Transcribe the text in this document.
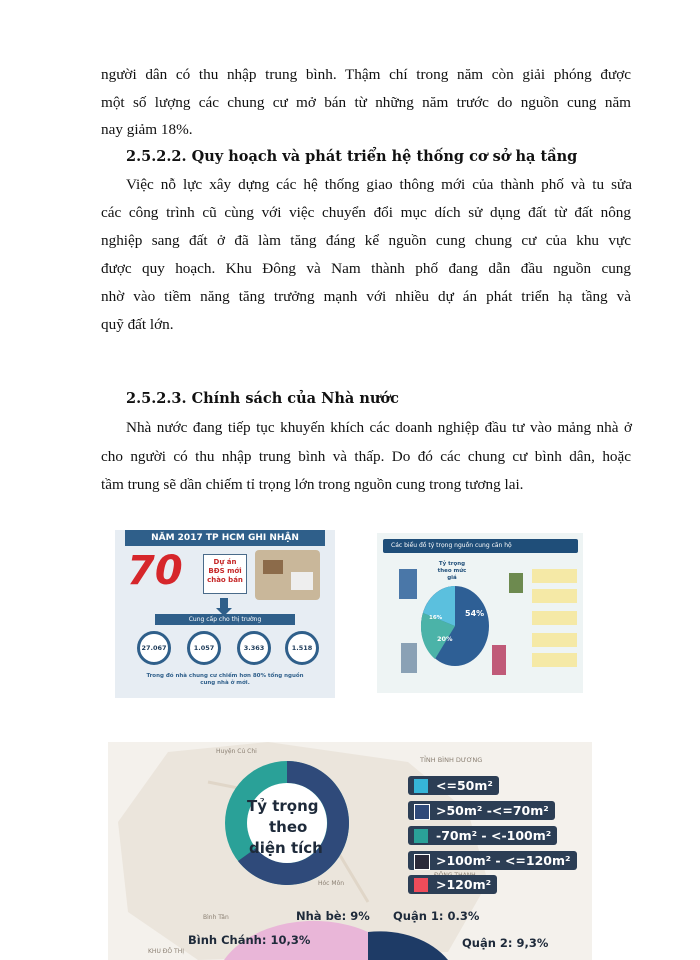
người dân có thu nhập trung bình. Thậm chí trong năm còn giải phóng được

một số lượng các chung cư mở bán từ những năm trước do nguồn cung năm

nay giảm 18%.

2.5.2.2. Quy hoạch và phát triển hệ thống cơ sở hạ tầng

Việc nỗ lực xây dựng các hệ thống giao thông mới của thành phố và tu sửa

các công trình cũ cùng với việc chuyển đổi mục dích sử dụng đất từ đất nông

nghiệp sang đất ở đã làm tăng đáng kể nguồn cung chung cư của khu vực

được quy hoạch. Khu Đông và Nam thành phố đang dẫn đầu nguồn cung

nhờ vào tiềm năng tăng trưởng mạnh với nhiều dự án phát triển hạ tầng và

quỹ đất lớn.

2.5.2.3. Chính sách của Nhà nước

Nhà nước đang tiếp tục khuyến khích các doanh nghiệp đầu tư vào mảng nhà ở

cho người có thu nhập trung bình và thấp. Do đó các chung cư bình dân, hoặc

tầm trung sẽ dần chiếm tỉ trọng lớn trong nguồn cung trong tương lai.

NĂM 2017 TP HCM GHI NHẬN
70	Dự án
BĐS mới
chào bán
Cung cấp cho thị trường
27.067	1.057	3.363	1.518
Trong đó nhà chung cư chiếm hơn 80% tổng nguồn cung nhà ở mới.
Các biểu đồ tỷ trọng nguồn cung căn hộ
Tỷ trọng theo mức giá
54%
20%
16%
Tỷ trọng
theo
diện tích
TỈNH BÌNH DƯƠNG
Huyện Củ Chi
Bình Tân
KHU ĐÔ THỊ
Hóc Môn
<=50m²
>50m² -<=70m²
-70m² - <-100m²
>100m² - <=120m²
>120m²
Nhà bè: 9% Quận 1: 0.3%
Bình Chánh: 10,3%	Quận 2: 9,3%
